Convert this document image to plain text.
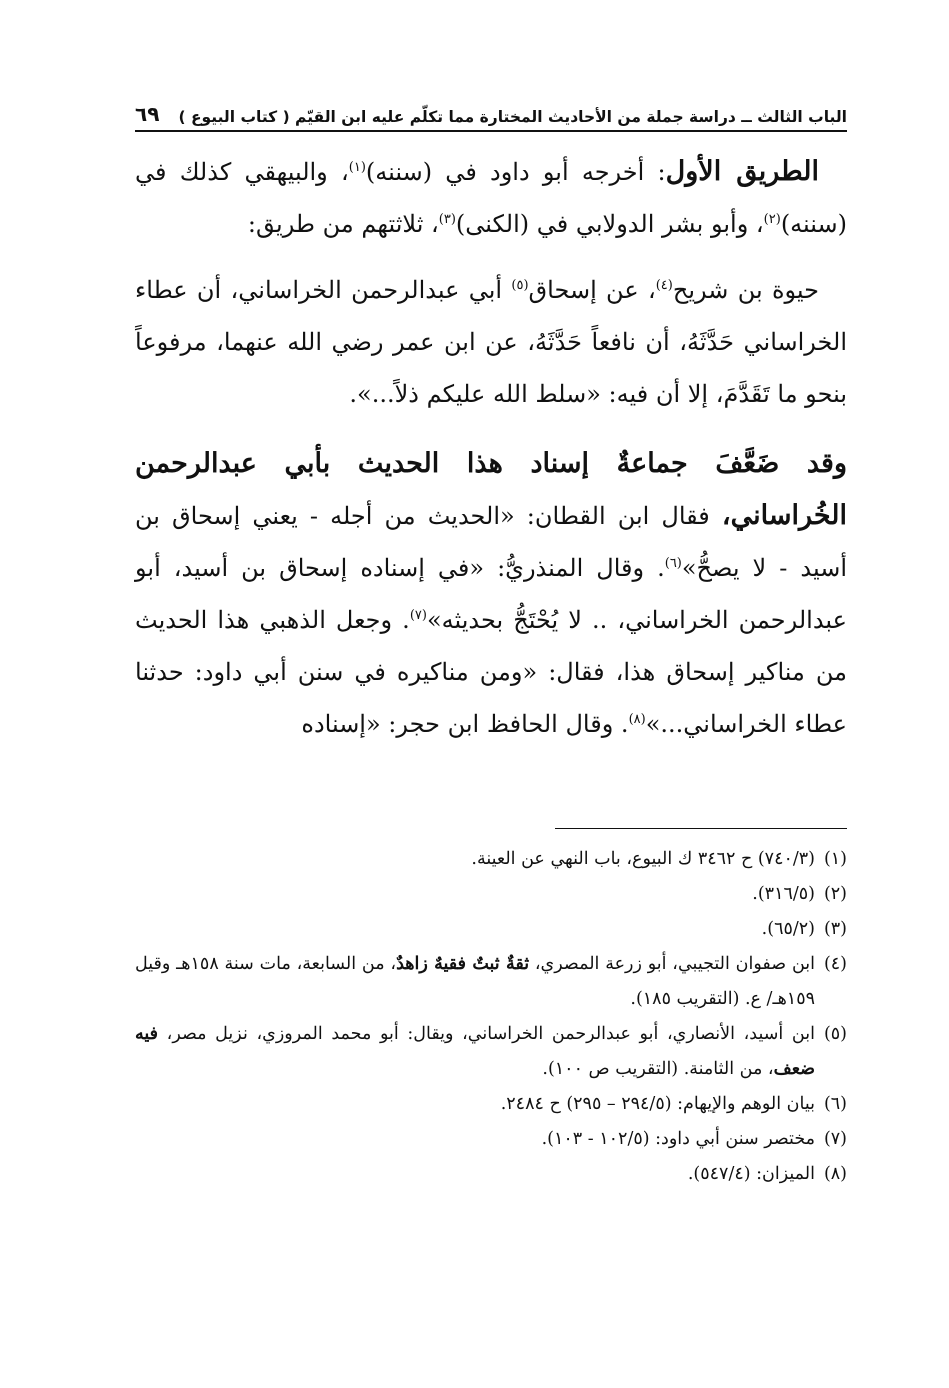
الباب الثالث ــ دراسة جملة من الأحاديث المختارة مما تكلّم عليه ابن القيّم ( كتاب البيوع )
٦٩

الطريق الأول: أخرجه أبو داود في (سننه)$^{(١)}$، والبيهقي كذلك في (سننه)$^{(٢)}$، وأبو بشر الدولابي في (الكنى)$^{(٣)}$، ثلاثتهم من طريق:

حيوة بن شريح$^{(٤)}$، عن إسحاق$^{(٥)}$ أبي عبدالرحمن الخراساني، أن عطاء الخراساني حَدَّثَهُ، أن نافعاً حَدَّثَهُ، عن ابن عمر رضي الله عنهما، مرفوعاً بنحو ما تَقَدَّمَ، إلا أن فيه: «سلط الله عليكم ذلاً...».

وقد ضَعَّفَ جماعةٌ إسناد هذا الحديث بأبي عبدالرحمن الخُراساني، فقال ابن القطان: «الحديث من أجله - يعني إسحاق بن أسيد - لا يصحُّ»$^{(٦)}$. وقال المنذريُّ: «في إسناده إسحاق بن أسيد، أبو عبدالرحمن الخراساني، .. لا يُحْتَجُّ بحديثه»$^{(٧)}$. وجعل الذهبي هذا الحديث من مناكير إسحاق هذا، فقال: «ومن مناكيره في سنن أبي داود: حدثنا عطاء الخراساني...»$^{(٨)}$. وقال الحافظ ابن حجر: «إسناده

(١)(٧٤٠/٣) ح ٣٤٦٢ ك البيوع، باب النهي عن العينة.

(٢)(٣١٦/٥).

(٣)(٦٥/٢).

(٤)ابن صفوان التجيبي، أبو زرعة المصري، ثقةٌ ثبتٌ فقيهٌ زاهدٌ، من السابعة، مات سنة ١٥٨هـ وقيل ١٥٩هـ/ ع. (التقريب ١٨٥).

(٥)ابن أسيد، الأنصاري، أبو عبدالرحمن الخراساني، ويقال: أبو محمد المروزي، نزيل مصر، فيه ضعف، من الثامنة. (التقريب ص ١٠٠).

(٦)بيان الوهم والإيهام: (٢٩٤/٥ – ٢٩٥) ح ٢٤٨٤.

(٧)مختصر سنن أبي داود: (١٠٢/٥ - ١٠٣).

(٨)الميزان: (٥٤٧/٤).
